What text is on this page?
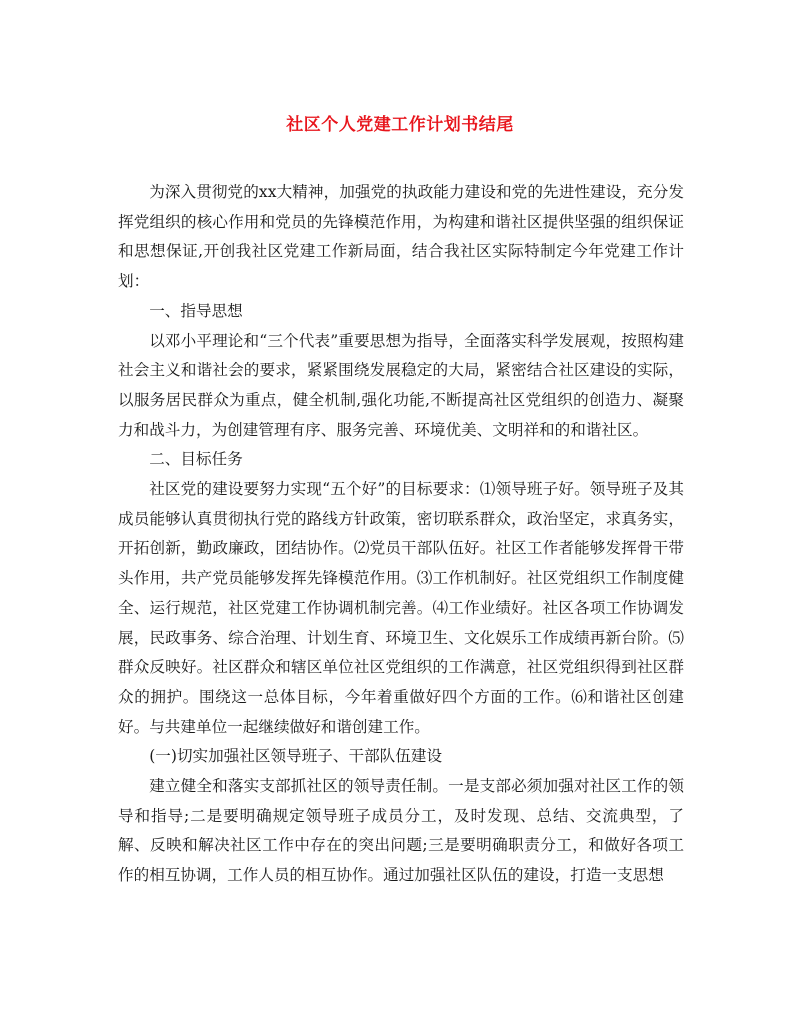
社区个人党建工作计划书结尾

为深入贯彻党的xx大精神，加强党的执政能力建设和党的先进性建设，充分发挥党组织的核心作用和党员的先锋模范作用，为构建和谐社区提供坚强的组织保证和思想保证,开创我社区党建工作新局面，结合我社区实际特制定今年党建工作计划：

一、指导思想

以邓小平理论和“三个代表”重要思想为指导，全面落实科学发展观，按照构建社会主义和谐社会的要求，紧紧围绕发展稳定的大局，紧密结合社区建设的实际，以服务居民群众为重点，健全机制,强化功能,不断提高社区党组织的创造力、凝聚力和战斗力，为创建管理有序、服务完善、环境优美、文明祥和的和谐社区。

二、目标任务

社区党的建设要努力实现“五个好”的目标要求：⑴领导班子好。领导班子及其成员能够认真贯彻执行党的路线方针政策，密切联系群众，政治坚定，求真务实，开拓创新，勤政廉政，团结协作。⑵党员干部队伍好。社区工作者能够发挥骨干带头作用，共产党员能够发挥先锋模范作用。⑶工作机制好。社区党组织工作制度健全、运行规范，社区党建工作协调机制完善。⑷工作业绩好。社区各项工作协调发展，民政事务、综合治理、计划生育、环境卫生、文化娱乐工作成绩再新台阶。⑸群众反映好。社区群众和辖区单位社区党组织的工作满意，社区党组织得到社区群众的拥护。围绕这一总体目标，今年着重做好四个方面的工作。⑹和谐社区创建好。与共建单位一起继续做好和谐创建工作。

(一)切实加强社区领导班子、干部队伍建设

建立健全和落实支部抓社区的领导责任制。一是支部必须加强对社区工作的领导和指导;二是要明确规定领导班子成员分工，及时发现、总结、交流典型，了解、反映和解决社区工作中存在的突出问题;三是要明确职责分工，和做好各项工作的相互协调，工作人员的相互协作。通过加强社区队伍的建设，打造一支思想
